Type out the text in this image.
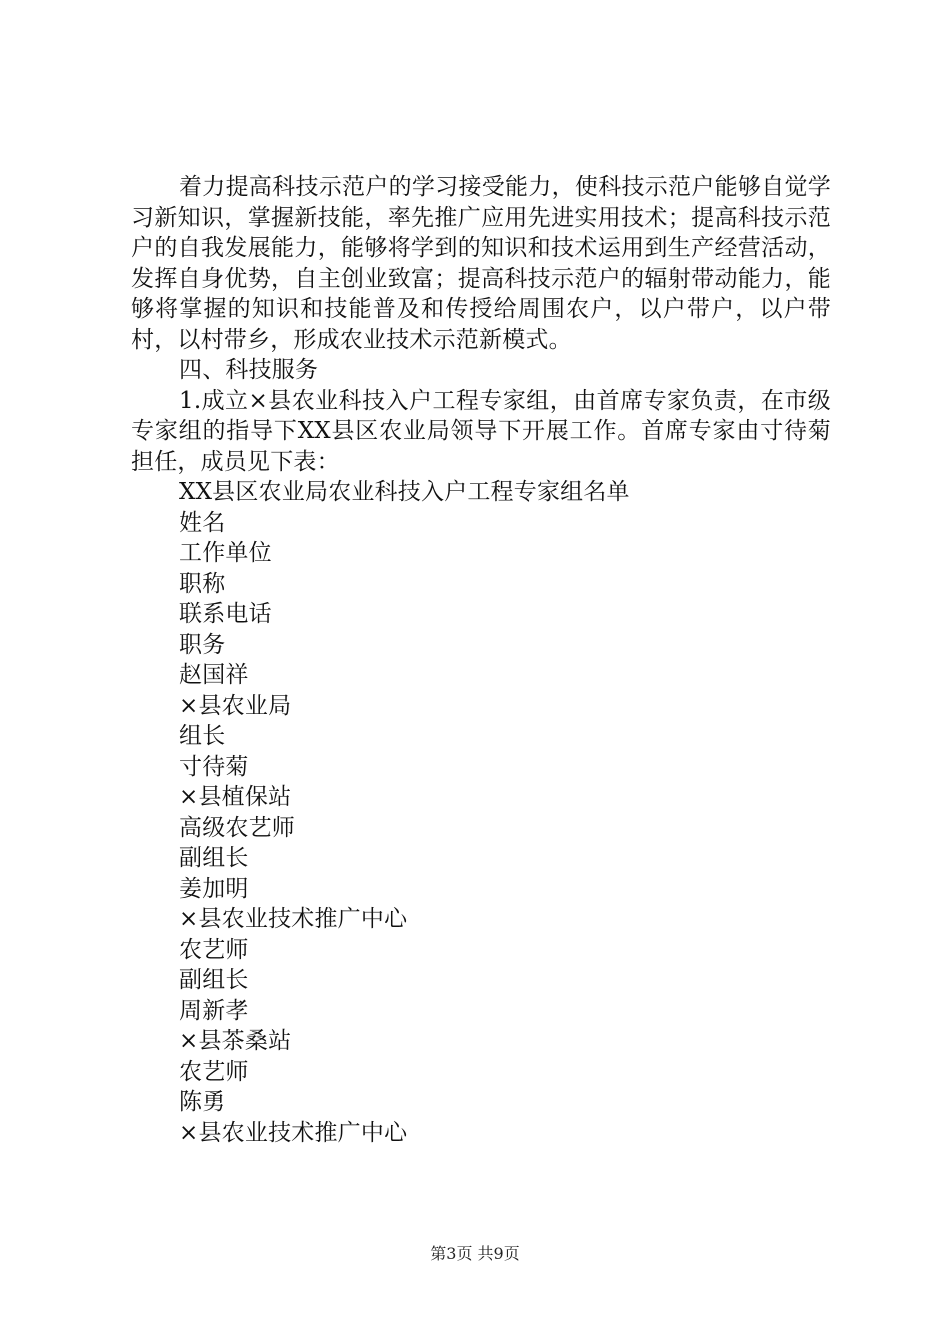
着力提高科技示范户的学习接受能力，使科技示范户能够自觉学习新知识，掌握新技能，率先推广应用先进实用技术；提高科技示范户的自我发展能力，能够将学到的知识和技术运用到生产经营活动，发挥自身优势，自主创业致富；提高科技示范户的辐射带动能力，能够将掌握的知识和技能普及和传授给周围农户，以户带户，以户带村，以村带乡，形成农业技术示范新模式。

四、科技服务

1.成立×县农业科技入户工程专家组，由首席专家负责，在市级专家组的指导下XX县区农业局领导下开展工作。首席专家由寸待菊担任，成员见下表：

XX县区农业局农业科技入户工程专家组名单

姓名

工作单位

职称

联系电话

职务

赵国祥

×县农业局

组长

寸待菊

×县植保站

高级农艺师

副组长

姜加明

×县农业技术推广中心

农艺师

副组长

周新孝

×县茶桑站

农艺师

陈勇

×县农业技术推广中心

第3页 共9页
